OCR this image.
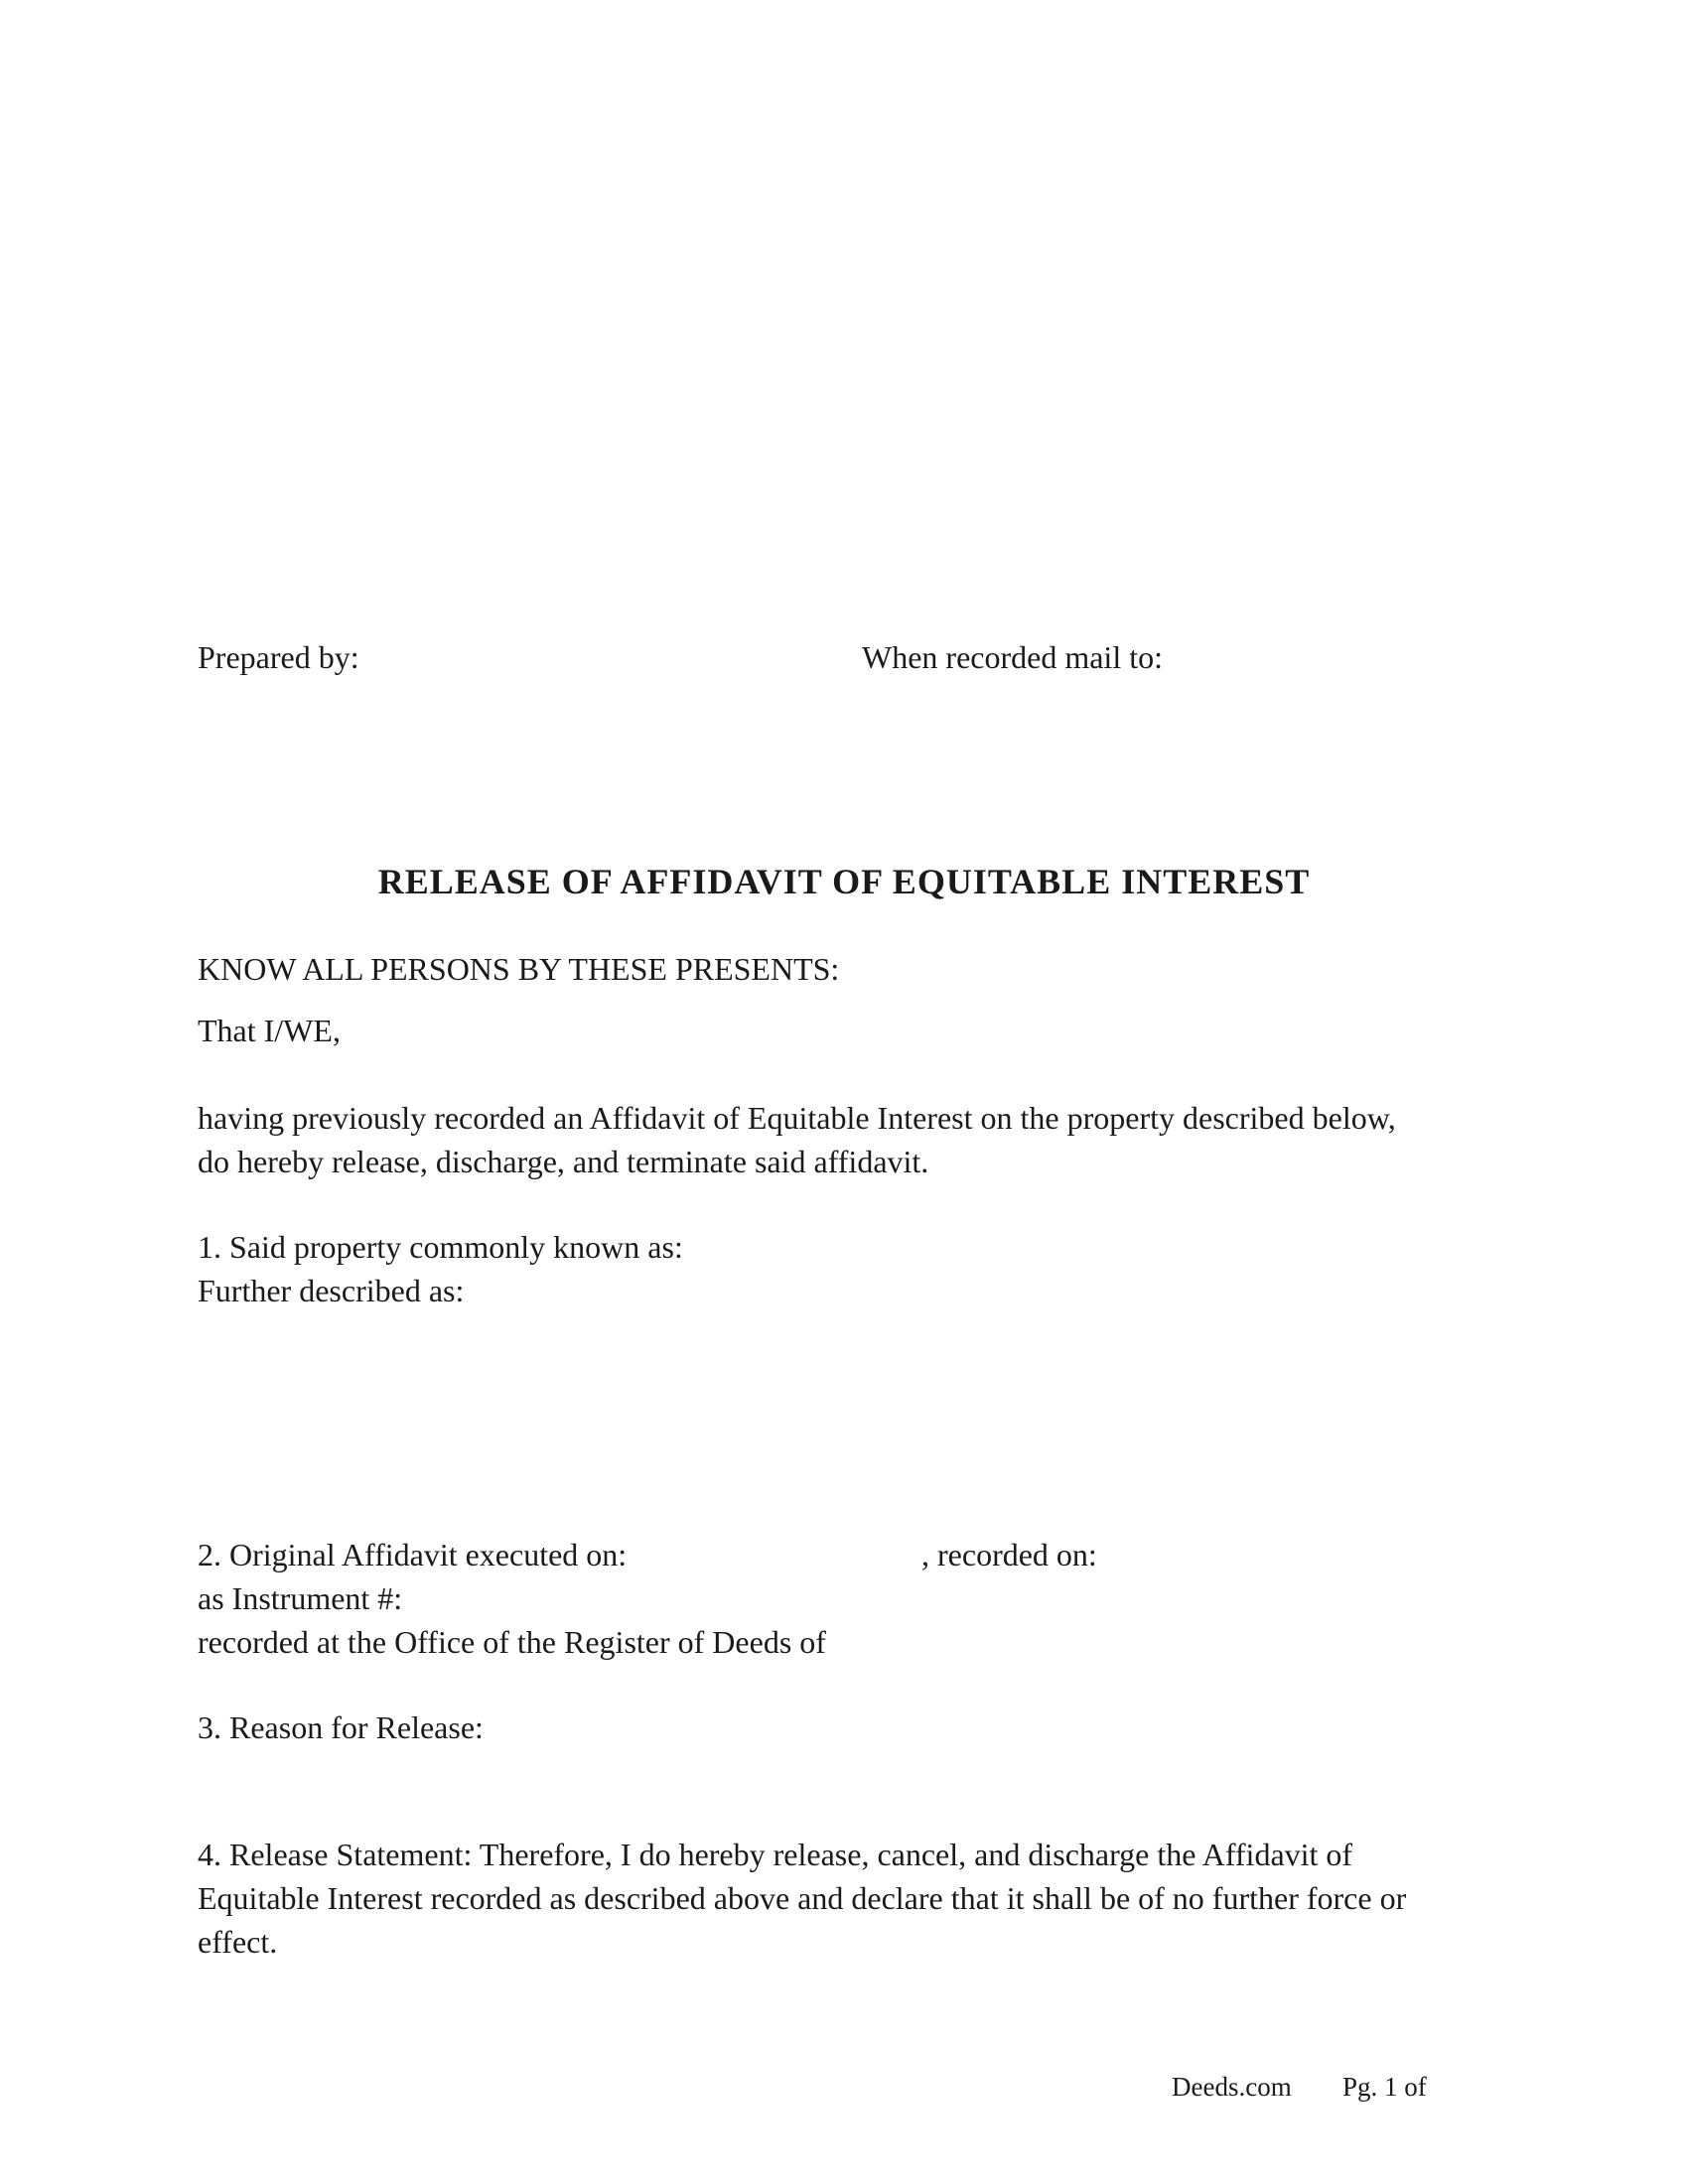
Prepared by:	When recorded mail to:

RELEASE OF AFFIDAVIT OF EQUITABLE INTEREST

KNOW ALL PERSONS BY THESE PRESENTS:

That I/WE,

having previously recorded an Affidavit of Equitable Interest on the property described below,

do hereby release, discharge, and terminate said affidavit.

1. Said property commonly known as:

Further described as:

2. Original Affidavit executed on:	, recorded on:

as Instrument #:

recorded at the Office of the Register of Deeds of

3. Reason for Release:

4. Release Statement: Therefore, I do hereby release, cancel, and discharge the Affidavit of

Equitable Interest recorded as described above and declare that it shall be of no further force or

effect.

Deeds.com Pg. 1 of
